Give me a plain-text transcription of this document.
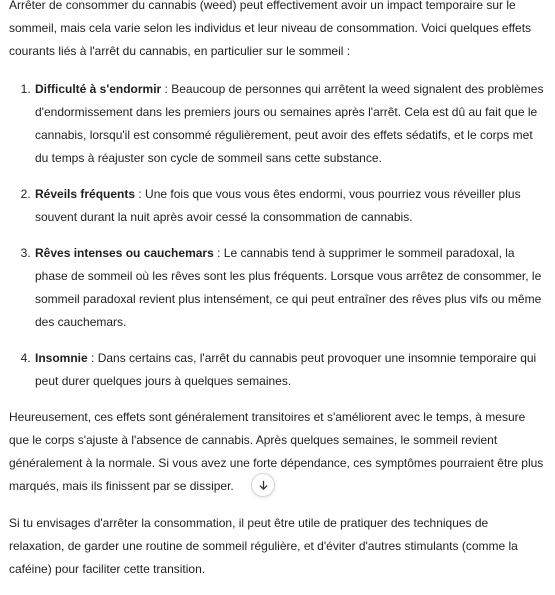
Arrêter de consommer du cannabis (weed) peut effectivement avoir un impact temporaire sur le sommeil, mais cela varie selon les individus et leur niveau de consommation. Voici quelques effets courants liés à l'arrêt du cannabis, en particulier sur le sommeil :

1. Difficulté à s'endormir : Beaucoup de personnes qui arrêtent la weed signalent des problèmes d'endormissement dans les premiers jours ou semaines après l'arrêt. Cela est dû au fait que le cannabis, lorsqu'il est consommé régulièrement, peut avoir des effets sédatifs, et le corps met du temps à réajuster son cycle de sommeil sans cette substance.
2. Réveils fréquents : Une fois que vous vous êtes endormi, vous pourriez vous réveiller plus souvent durant la nuit après avoir cessé la consommation de cannabis.
3. Rêves intenses ou cauchemars : Le cannabis tend à supprimer le sommeil paradoxal, la phase de sommeil où les rêves sont les plus fréquents. Lorsque vous arrêtez de consommer, le sommeil paradoxal revient plus intensément, ce qui peut entraîner des rêves plus vifs ou même des cauchemars.
4. Insomnie : Dans certains cas, l'arrêt du cannabis peut provoquer une insomnie temporaire qui peut durer quelques jours à quelques semaines.

Heureusement, ces effets sont généralement transitoires et s'améliorent avec le temps, à mesure que le corps s'ajuste à l'absence de cannabis. Après quelques semaines, le sommeil revient généralement à la normale. Si vous avez une forte dépendance, ces symptômes pourraient être plus marqués, mais ils finissent par se dissiper.

Si tu envisages d'arrêter la consommation, il peut être utile de pratiquer des techniques de relaxation, de garder une routine de sommeil régulière, et d'éviter d'autres stimulants (comme la caféine) pour faciliter cette transition.
